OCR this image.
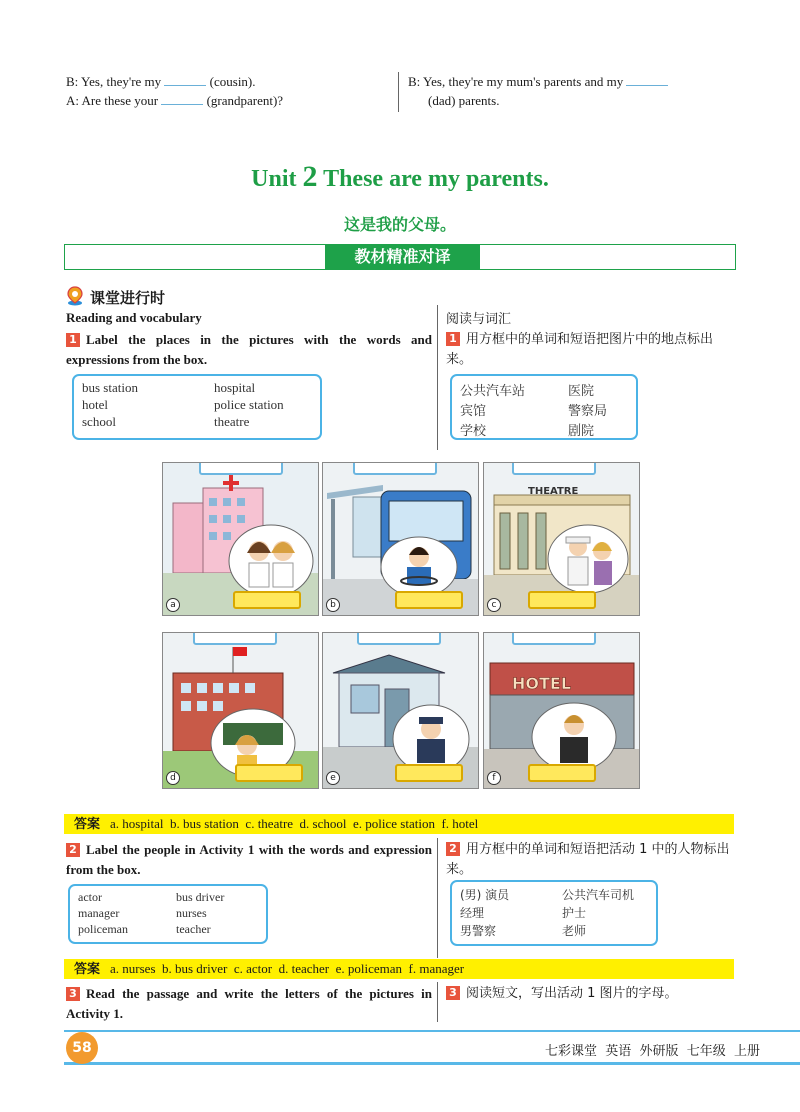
B: Yes, they're my	(cousin).
A: Are these your	(grandparent)?
B: Yes, they're my mum's parents and my
(dad) parents.
Unit 2 These are my parents.
这是我的父母。
教材精准对译
课堂进行时
Reading and vocabulary	阅读与词汇
1 Label the places in the pictures with the words and expressions from the box.
1 用方框中的单词和短语把图片中的地点标出来。
bus station	hospital
hotel	police station
school	theatre
公共汽车站	医院
宾馆	警察局
学校	剧院
a	b
THEATRE
c
d	e
HOTEL
f
答案 a. hospital  b. bus station  c. theatre  d. school  e. police station  f. hotel
2 Label the people in Activity 1 with the words and expression from the box.
2 用方框中的单词和短语把活动 1 中的人物标出来。
actor	bus driver
manager	nurses
policeman	teacher
(男) 演员	公共汽车司机
经理	护士
男警察	老师
答案 a. nurses  b. bus driver  c. actor  d. teacher  e. policeman  f. manager
3 Read the passage and write the letters of the pictures in Activity 1.
3 阅读短文，写出活动 1 图片的字母。
58	七彩课堂  英语  外研版  七年级  上册
